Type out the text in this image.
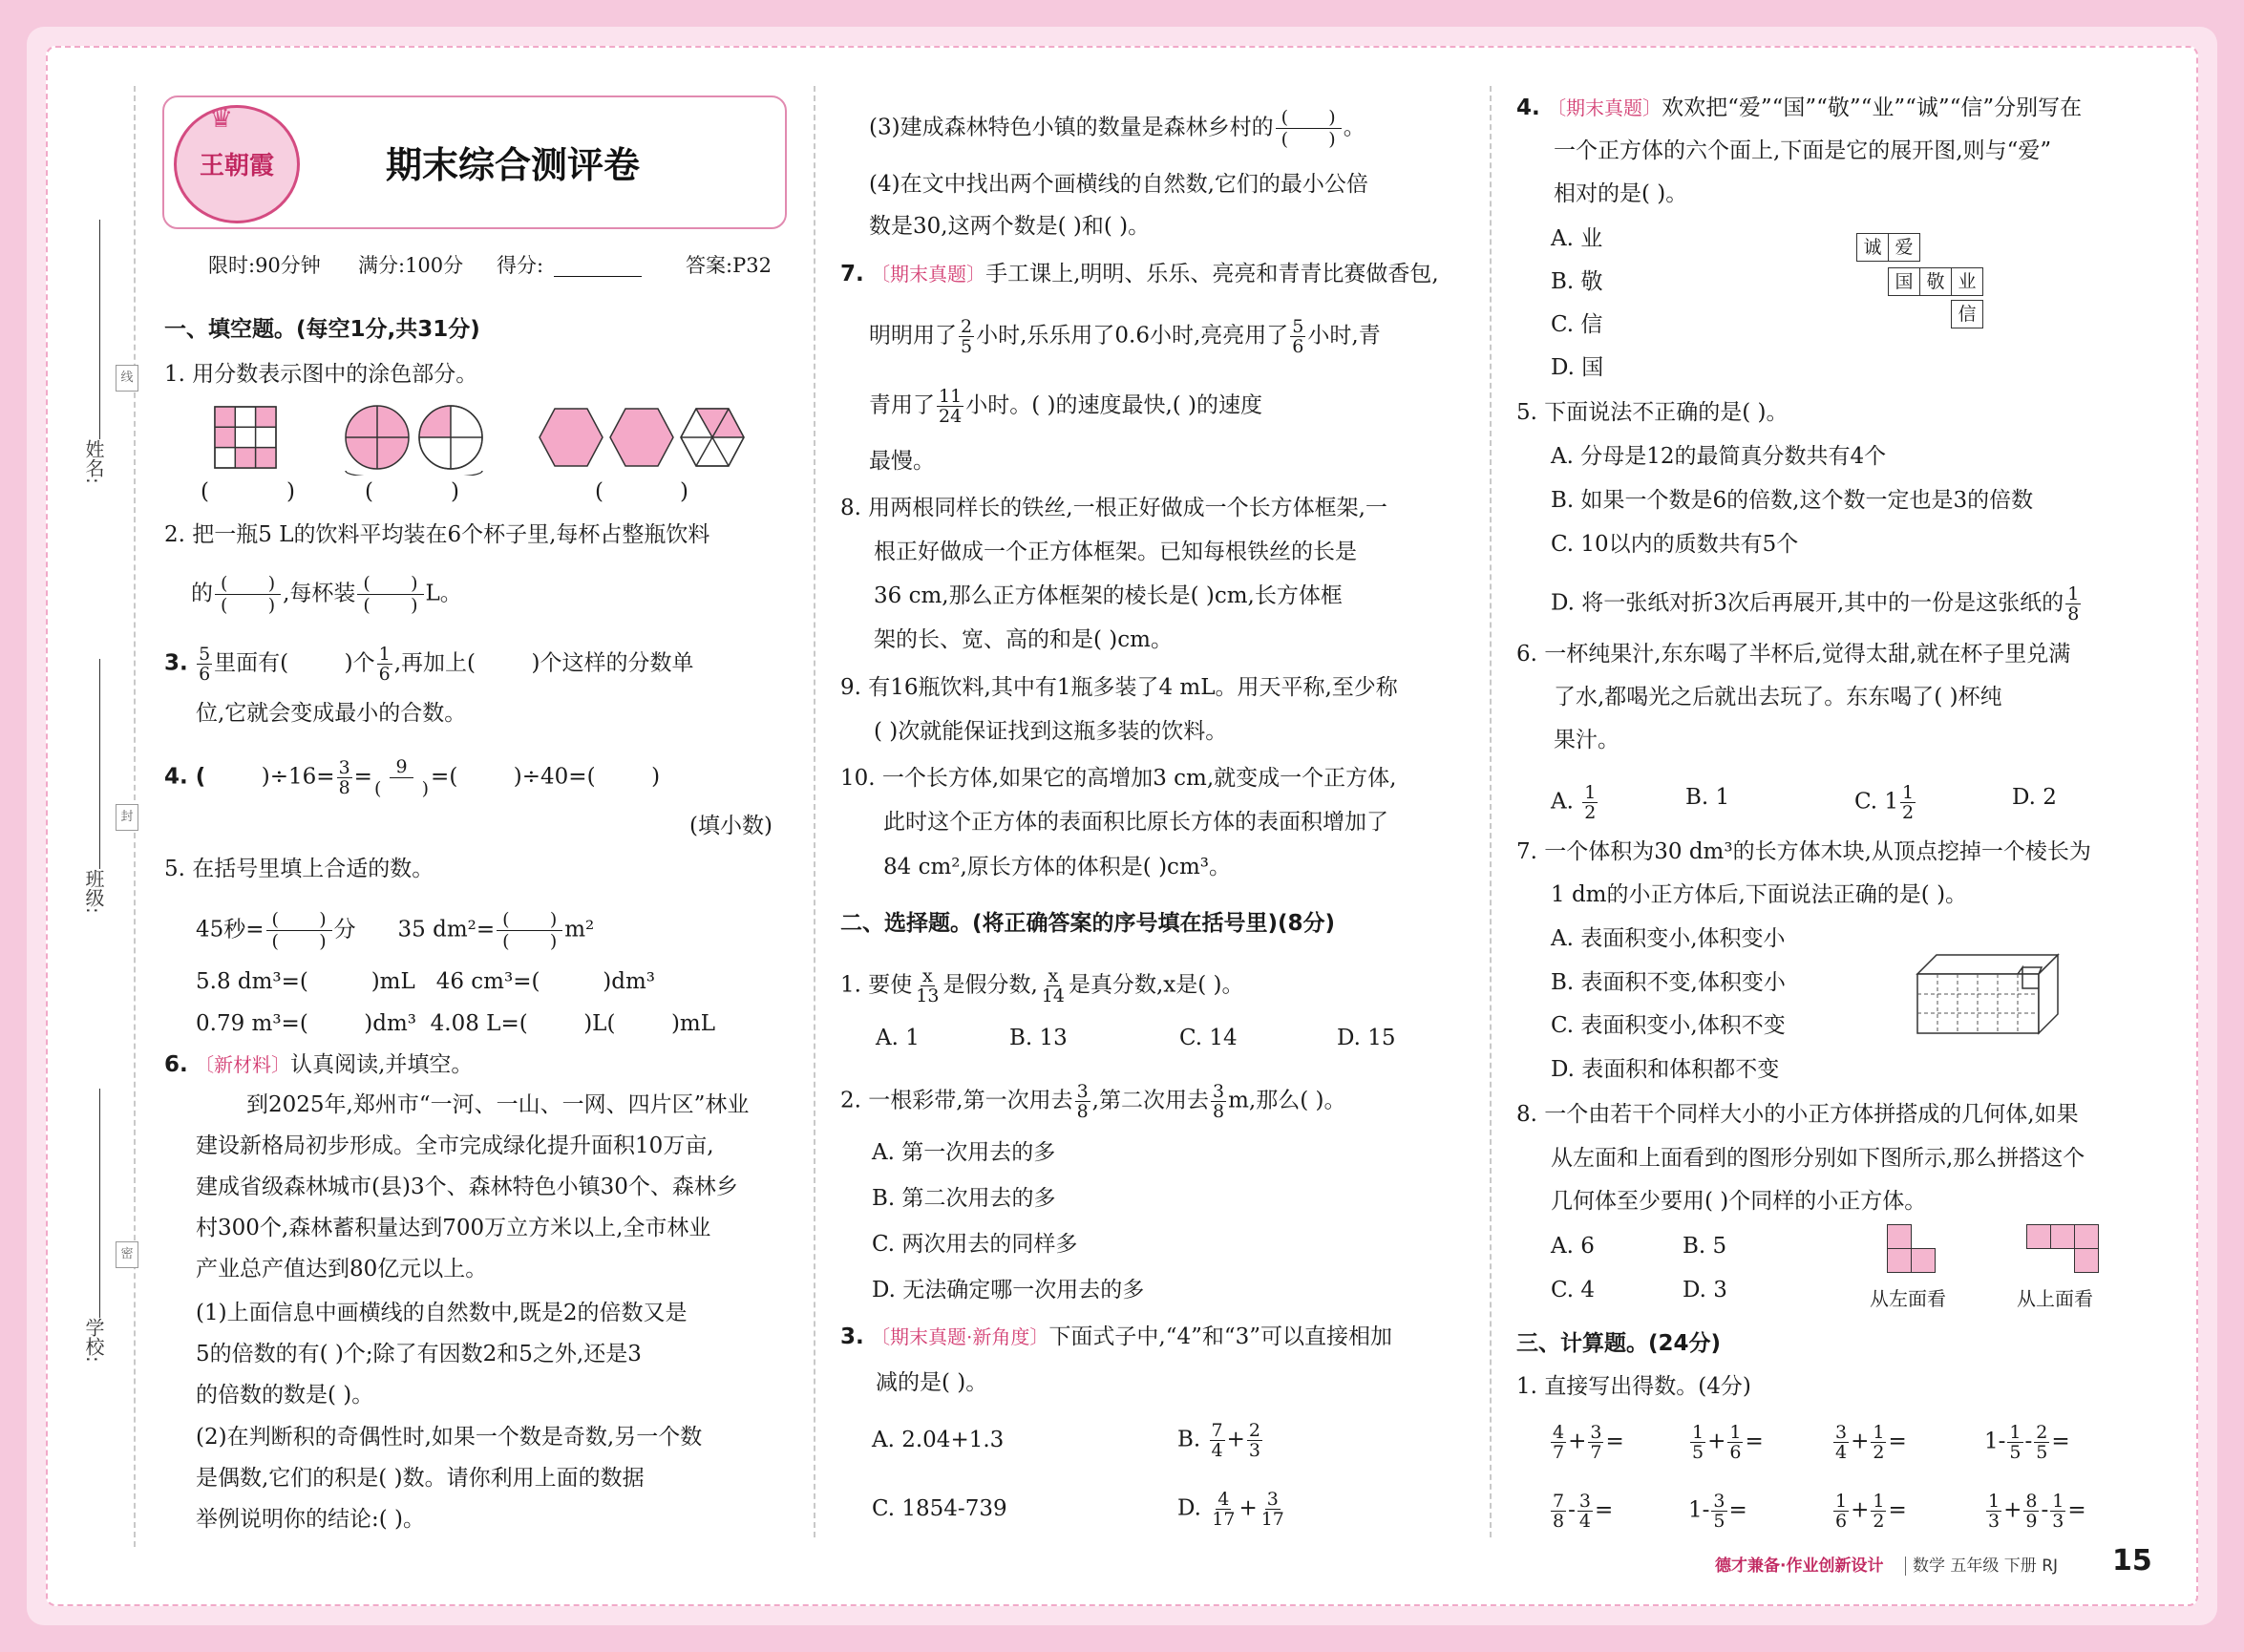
姓名:
班级:
学校:
线
封
密
♛
王朝霞	期末综合测评卷
限时:90分钟 满分:100分 得分:	答案:P32
一、填空题。(每空1分,共31分)
1. 用分数表示图中的涂色部分。
(	)	(	)	(	)
2. 把一瓶5 L的饮料平均装在6个杯子里,每杯占整瓶饮料
的 (       )
(       ) ,每杯装 (       )
(       ) L。
3. $\frac{5}{6}$ 里面有(	)个 $\frac{1}{6}$ ,再加上(	)个这样的分数单
位,它就会变成最小的合数。
4. (	)$\div 16= \frac{3}{8}$ =	9
(       ) =(	)÷40=(	)
(填小数)
5. 在括号里填上合适的数。
45秒= (       )
(       ) 分 35 dm²= (       )
(       ) m²
5.8 dm³=(	)mL 46 cm³=(	)dm³
0.79 m³=(	)dm³ 4.08 L=(	)L(	)mL
6. 〔新材料〕认真阅读,并填空。
到2025年,郑州市“一河、一山、一网、四片区”林业
建设新格局初步形成。全市完成绿化提升面积10万亩,
建成省级森林城市(县)3个、森林特色小镇30个、森林乡
村300个,森林蓄积量达到700万立方米以上,全市林业
产业总产值达到80亿元以上。
(1)上面信息中画横线的自然数中,既是2的倍数又是
5的倍数的有( )个;除了有因数2和5之外,还是3
的倍数的数是( )。
(2)在判断积的奇偶性时,如果一个数是奇数,另一个数
是偶数,它们的积是( )数。请你利用上面的数据
举例说明你的结论:( )。
(3)建成森林特色小镇的数量是森林乡村的 (       )
(       ) 。
(4)在文中找出两个画横线的自然数,它们的最小公倍
数是30,这两个数是( )和( )。
7. 〔期末真题〕手工课上,明明、乐乐、亮亮和青青比赛做香包,
明明用了 $\frac{2}{5}$ 小时,乐乐用了0.6小时,亮亮用了 $\frac{5}{6}$ 小时,青
青用了 $\frac{11}{24}$ 小时。( )的速度最快,( )的速度
最慢。
8. 用两根同样长的铁丝,一根正好做成一个长方体框架,一
根正好做成一个正方体框架。已知每根铁丝的长是
36 cm,那么正方体框架的棱长是( )cm,长方体框
架的长、宽、高的和是( )cm。
9. 有16瓶饮料,其中有1瓶多装了4 mL。用天平称,至少称
( )次就能保证找到这瓶多装的饮料。
10. 一个长方体,如果它的高增加3 cm,就变成一个正方体,
此时这个正方体的表面积比原长方体的表面积增加了
84 cm²,原长方体的体积是( )cm³。
二、选择题。(将正确答案的序号填在括号里)(8分)
1. 要使 $\frac{x}{13}$ 是假分数, $\frac{x}{14}$ 是真分数,x是( )。
A. 1	B. 13	C. 14	D. 15
2. 一根彩带,第一次用去 $\frac{3}{8}$ ,第二次用去 $\frac{3}{8} m$,那么( )。
A. 第一次用去的多
B. 第二次用去的多
C. 两次用去的同样多
D. 无法确定哪一次用去的多
3. 〔期末真题·新角度〕下面式子中,“4”和“3”可以直接相加
减的是( )。
A. 2.04+1.3	B. $\frac{7}{4} + \frac{2}{3}$
C. 1854-739	D. $\frac{4}{17} + \frac{3}{17}$
4. 〔期末真题〕欢欢把“爱”“国”“敬”“业”“诚”“信”分别写在
一个正方体的六个面上,下面是它的展开图,则与“爱”
相对的是( )。
A. 业
B. 敬
C. 信
D. 国
诚 爱
国 敬 业
信
5. 下面说法不正确的是( )。
A. 分母是12的最简真分数共有4个
B. 如果一个数是6的倍数,这个数一定也是3的倍数
C. 10以内的质数共有5个
D. 将一张纸对折3次后再展开,其中的一份是这张纸的 $\frac{1}{8}$
6. 一杯纯果汁,东东喝了半杯后,觉得太甜,就在杯子里兑满
了水,都喝光之后就出去玩了。东东喝了( )杯纯
果汁。
A. $\frac{1}{2}$	B. 1	C. $1 \frac{1}{2}$	D. 2
7. 一个体积为30 dm³的长方体木块,从顶点挖掉一个棱长为
1 dm的小正方体后,下面说法正确的是( )。
A. 表面积变小,体积变小
B. 表面积不变,体积变小
C. 表面积变小,体积不变
D. 表面积和体积都不变
8. 一个由若干个同样大小的小正方体拼搭成的几何体,如果
从左面和上面看到的图形分别如下图所示,那么拼搭这个
几何体至少要用( )个同样的小正方体。
A. 6	B. 5
C. 4	D. 3	从左面看	从上面看
三、计算题。(24分)
1. 直接写出得数。(4分)
$\frac{4}{7} + \frac{3}{7}$ =	$\frac{1}{5} + \frac{1}{6}$ =	$\frac{3}{4} + \frac{1}{2}$ =	$1- \frac{1}{5} - \frac{2}{5}$ =
$\frac{7}{8} - \frac{3}{4}$ =	$1- \frac{3}{5}$ =	$\frac{1}{6} + \frac{1}{2}$ =	$\frac{1}{3} + \frac{8}{9} - \frac{1}{3}$ =
德才兼备·作业创新设计 数学 五年级 下册 RJ 15
